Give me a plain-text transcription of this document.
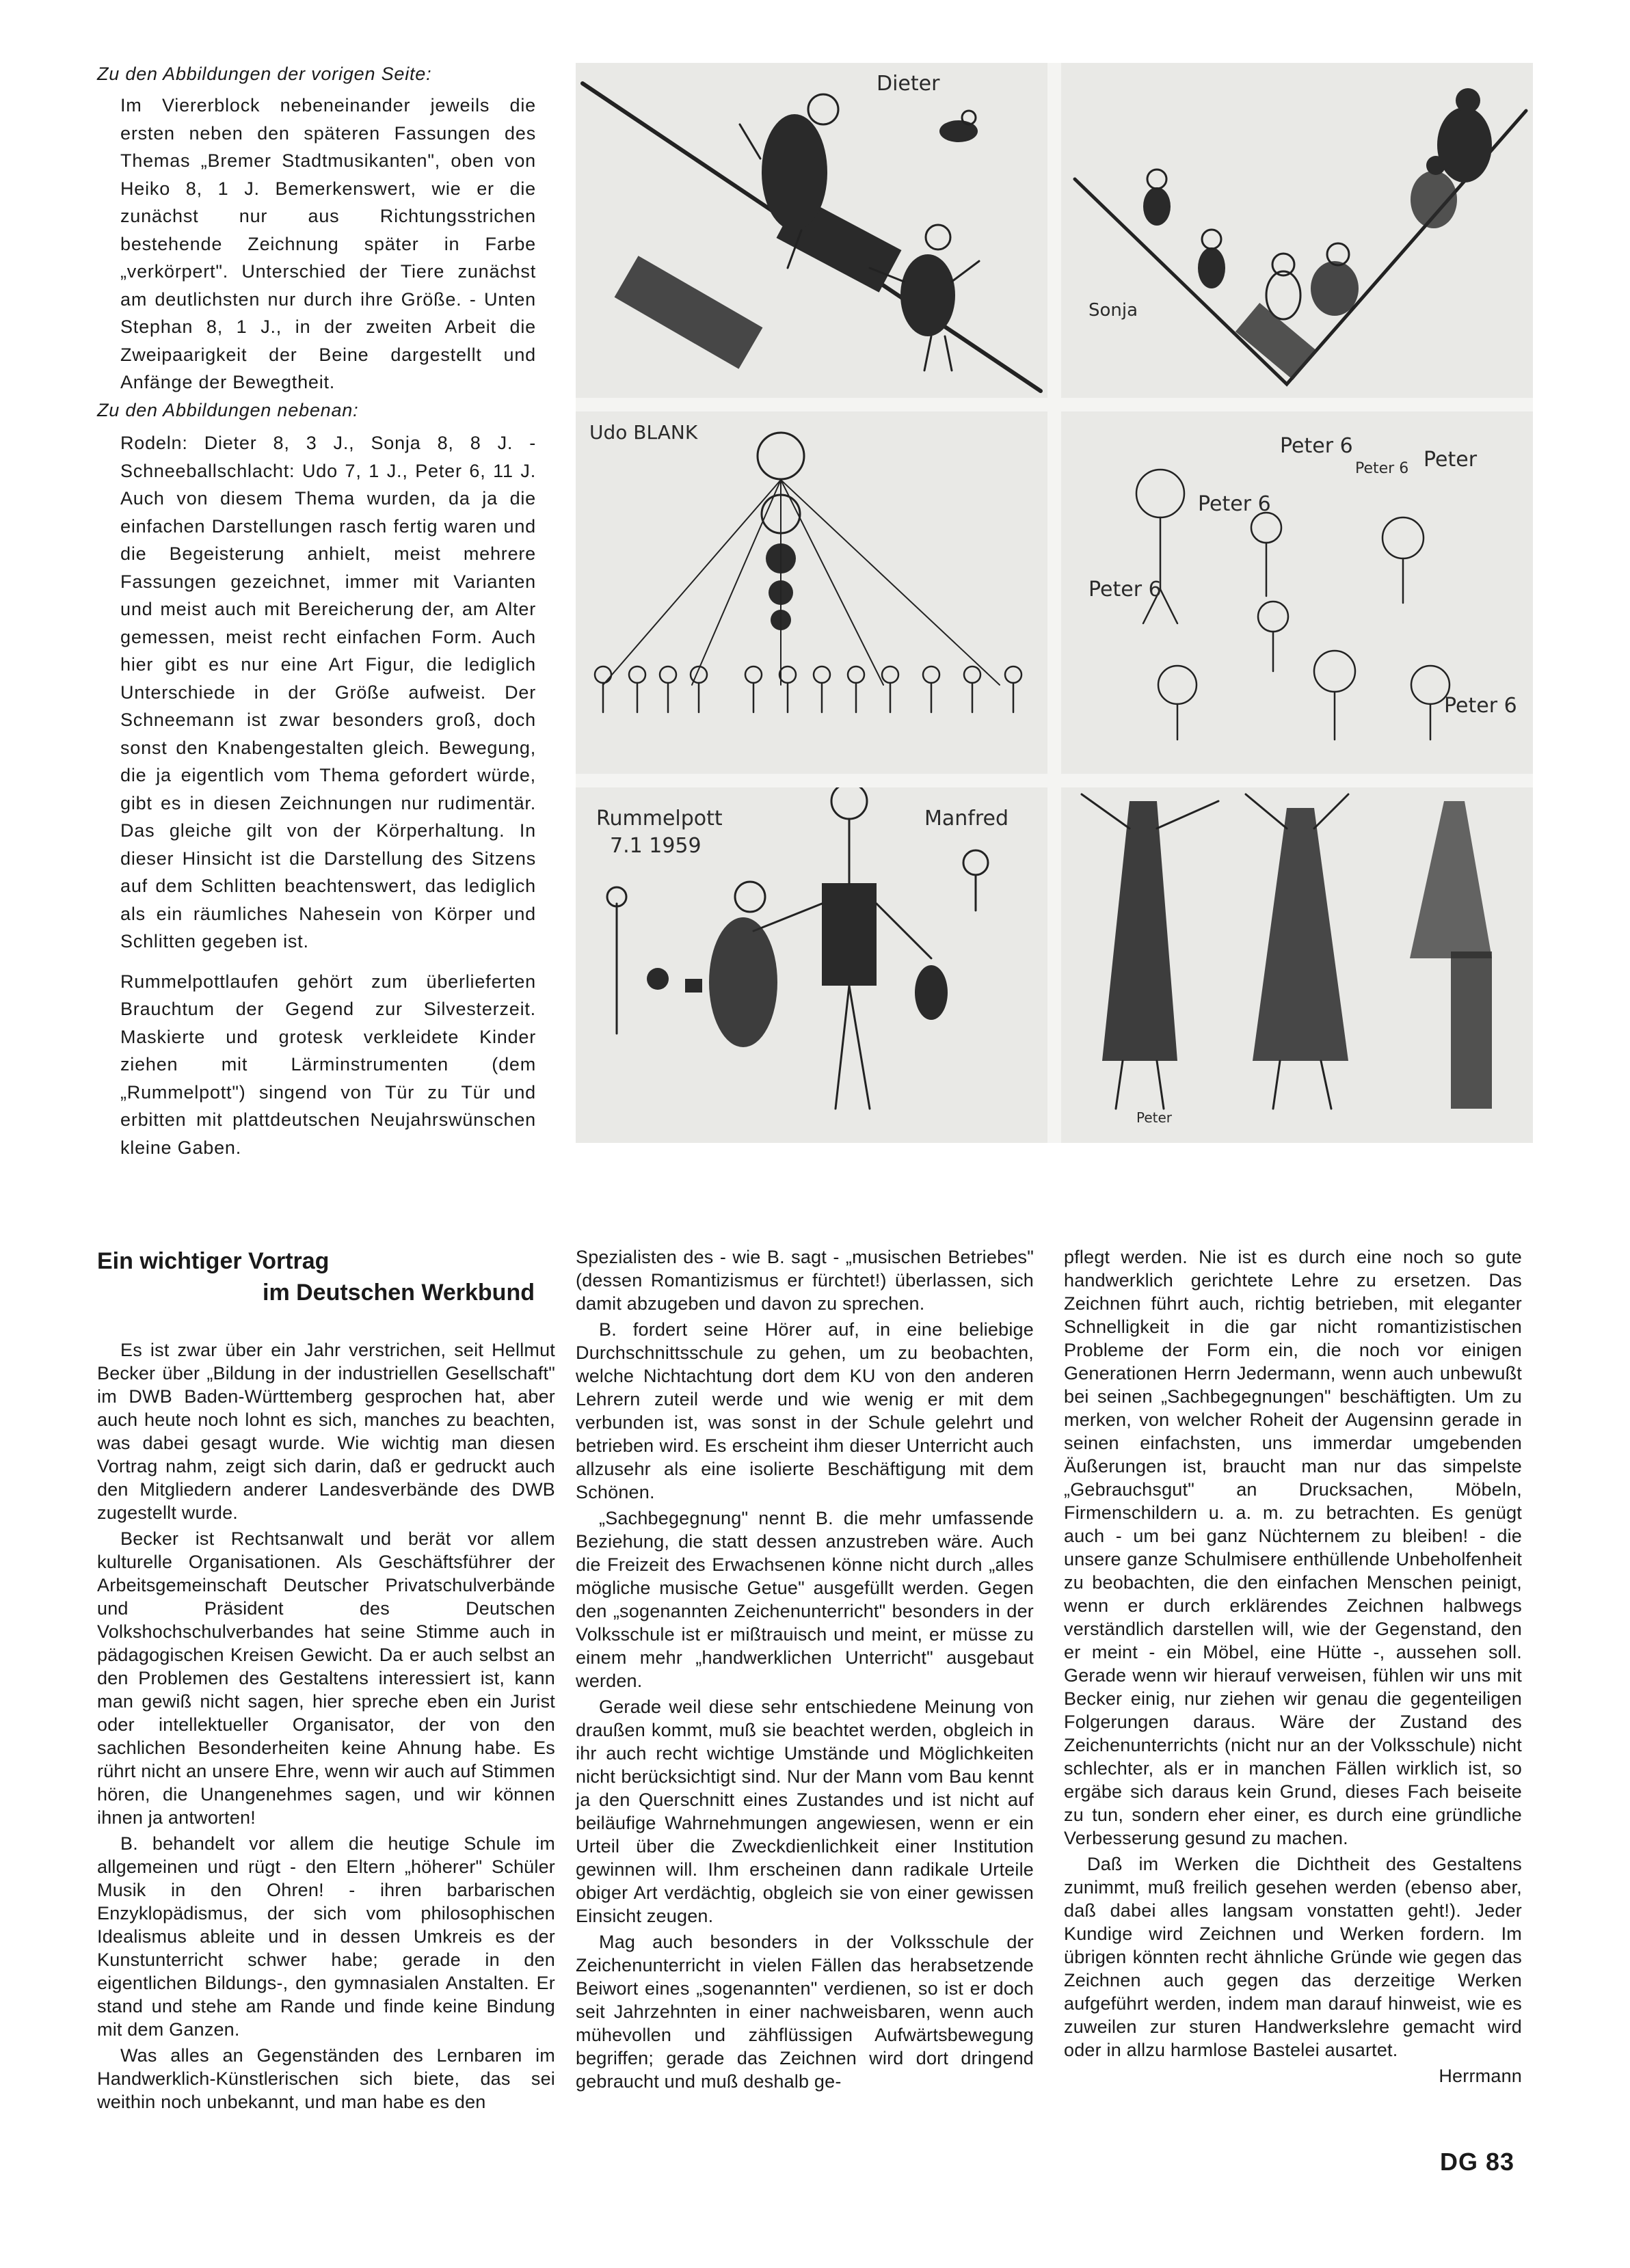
Zu den Abbildungen der vorigen Seite:

Im Viererblock nebeneinander jeweils die ersten neben den späteren Fassungen des Themas „Bremer Stadtmusikanten", oben von Heiko 8, 1 J. Bemerkenswert, wie er die zunächst nur aus Richtungsstrichen bestehende Zeichnung später in Farbe „verkörpert". Unterschied der Tiere zunächst am deutlichsten nur durch ihre Größe. - Unten Stephan 8, 1 J., in der zweiten Arbeit die Zweipaarigkeit der Beine dargestellt und Anfänge der Bewegtheit.

Zu den Abbildungen nebenan:

Rodeln: Dieter 8, 3 J., Sonja 8, 8 J. - Schneeballschlacht: Udo 7, 1 J., Peter 6, 11 J. Auch von diesem Thema wurden, da ja die einfachen Darstellungen rasch fertig waren und die Begeisterung anhielt, meist mehrere Fassungen gezeichnet, immer mit Varianten und meist auch mit Bereicherung der, am Alter gemessen, meist recht einfachen Form. Auch hier gibt es nur eine Art Figur, die lediglich Unterschiede in der Größe aufweist. Der Schneemann ist zwar besonders groß, doch sonst den Knabengestalten gleich. Bewegung, die ja eigentlich vom Thema gefordert würde, gibt es in diesen Zeichnungen nur rudimentär. Das gleiche gilt von der Körperhaltung. In dieser Hinsicht ist die Darstellung des Sitzens auf dem Schlitten beachtenswert, das lediglich als ein räumliches Nahesein von Körper und Schlitten gegeben ist.

Rummelpottlaufen gehört zum überlieferten Brauchtum der Gegend zur Silvesterzeit. Maskierte und grotesk verkleidete Kinder ziehen mit Lärminstrumenten (dem „Rummelpott") singend von Tür zu Tür und erbitten mit plattdeutschen Neujahrswünschen kleine Gaben.

Dieter
Sonja
Udo BLANK
Peter 6
Peter
Peter 6
Peter 6
Peter 6
Peter 6
Rummelpott
7.1 1959
Manfred
Peter
Ein wichtiger Vortrag
im Deutschen Werkbund

Es ist zwar über ein Jahr verstrichen, seit Hellmut Becker über „Bildung in der industriellen Gesellschaft" im DWB Baden-Württemberg gesprochen hat, aber auch heute noch lohnt es sich, manches zu beachten, was dabei gesagt wurde. Wie wichtig man diesen Vortrag nahm, zeigt sich darin, daß er gedruckt auch den Mitgliedern anderer Landesverbände des DWB zugestellt wurde.

Becker ist Rechtsanwalt und berät vor allem kulturelle Organisationen. Als Geschäftsführer der Arbeitsgemeinschaft Deutscher Privatschulverbände und Präsident des Deutschen Volkshochschulverbandes hat seine Stimme auch in pädagogischen Kreisen Gewicht. Da er auch selbst an den Problemen des Gestaltens interessiert ist, kann man gewiß nicht sagen, hier spreche eben ein Jurist oder intellektueller Organisator, der von den sachlichen Besonderheiten keine Ahnung habe. Es rührt nicht an unsere Ehre, wenn wir auch auf Stimmen hören, die Unangenehmes sagen, und wir können ihnen ja antworten!

B. behandelt vor allem die heutige Schule im allgemeinen und rügt - den Eltern „höherer" Schüler Musik in den Ohren! - ihren barbarischen Enzyklopädismus, der sich vom philosophischen Idealismus ableite und in dessen Umkreis es der Kunstunterricht schwer habe; gerade in den eigentlichen Bildungs-, den gymnasialen Anstalten. Er stand und stehe am Rande und finde keine Bindung mit dem Ganzen.

Was alles an Gegenständen des Lernbaren im Handwerklich-Künstlerischen sich biete, das sei weithin noch unbekannt, und man habe es den

Spezialisten des - wie B. sagt - „musischen Betriebes" (dessen Romantizismus er fürchtet!) überlassen, sich damit abzugeben und davon zu sprechen.

B. fordert seine Hörer auf, in eine beliebige Durchschnittsschule zu gehen, um zu beobachten, welche Nichtachtung dort dem KU von den anderen Lehrern zuteil werde und wie wenig er mit dem verbunden ist, was sonst in der Schule gelehrt und betrieben wird. Es erscheint ihm dieser Unterricht auch allzusehr als eine isolierte Beschäftigung mit dem Schönen.

„Sachbegegnung" nennt B. die mehr umfassende Beziehung, die statt dessen anzustreben wäre. Auch die Freizeit des Erwachsenen könne nicht durch „alles mögliche musische Getue" ausgefüllt werden. Gegen den „sogenannten Zeichenunterricht" besonders in der Volksschule ist er mißtrauisch und meint, er müsse zu einem mehr „handwerklichen Unterricht" ausgebaut werden.

Gerade weil diese sehr entschiedene Meinung von draußen kommt, muß sie beachtet werden, obgleich in ihr auch recht wichtige Umstände und Möglichkeiten nicht berücksichtigt sind. Nur der Mann vom Bau kennt ja den Querschnitt eines Zustandes und ist nicht auf beiläufige Wahrnehmungen angewiesen, wenn er ein Urteil über die Zweckdienlichkeit einer Institution gewinnen will. Ihm erscheinen dann radikale Urteile obiger Art verdächtig, obgleich sie von einer gewissen Einsicht zeugen.

Mag auch besonders in der Volksschule der Zeichenunterricht in vielen Fällen das herabsetzende Beiwort eines „sogenannten" verdienen, so ist er doch seit Jahrzehnten in einer nachweisbaren, wenn auch mühevollen und zähflüssigen Aufwärtsbewegung begriffen; gerade das Zeichnen wird dort dringend gebraucht und muß deshalb ge-

pflegt werden. Nie ist es durch eine noch so gute handwerklich gerichtete Lehre zu ersetzen. Das Zeichnen führt auch, richtig betrieben, mit eleganter Schnelligkeit in die gar nicht romantizistischen Probleme der Form ein, die noch vor einigen Generationen Herrn Jedermann, wenn auch unbewußt bei seinen „Sachbegegnungen" beschäftigten. Um zu merken, von welcher Roheit der Augensinn gerade in seinen einfachsten, uns immerdar umgebenden Äußerungen ist, braucht man nur das simpelste „Gebrauchsgut" an Drucksachen, Möbeln, Firmenschildern u. a. m. zu betrachten. Es genügt auch - um bei ganz Nüchternem zu bleiben! - die unsere ganze Schulmisere enthüllende Unbeholfenheit zu beobachten, die den einfachen Menschen peinigt, wenn er durch erklärendes Zeichnen halbwegs verständlich darstellen will, wie der Gegenstand, den er meint - ein Möbel, eine Hütte -, aussehen soll. Gerade wenn wir hierauf verweisen, fühlen wir uns mit Becker einig, nur ziehen wir genau die gegenteiligen Folgerungen daraus. Wäre der Zustand des Zeichenunterrichts (nicht nur an der Volksschule) nicht schlechter, als er in manchen Fällen wirklich ist, so ergäbe sich daraus kein Grund, dieses Fach beiseite zu tun, sondern eher einer, es durch eine gründliche Verbesserung gesund zu machen.

Daß im Werken die Dichtheit des Gestaltens zunimmt, muß freilich gesehen werden (ebenso aber, daß dabei alles langsam vonstatten geht!). Jeder Kundige wird Zeichnen und Werken fordern. Im übrigen könnten recht ähnliche Gründe wie gegen das Zeichnen auch gegen das derzeitige Werken aufgeführt werden, indem man darauf hinweist, wie es zuweilen zur sturen Handwerkslehre gemacht wird oder in allzu harmlose Bastelei ausartet.

Herrmann
DG 83
